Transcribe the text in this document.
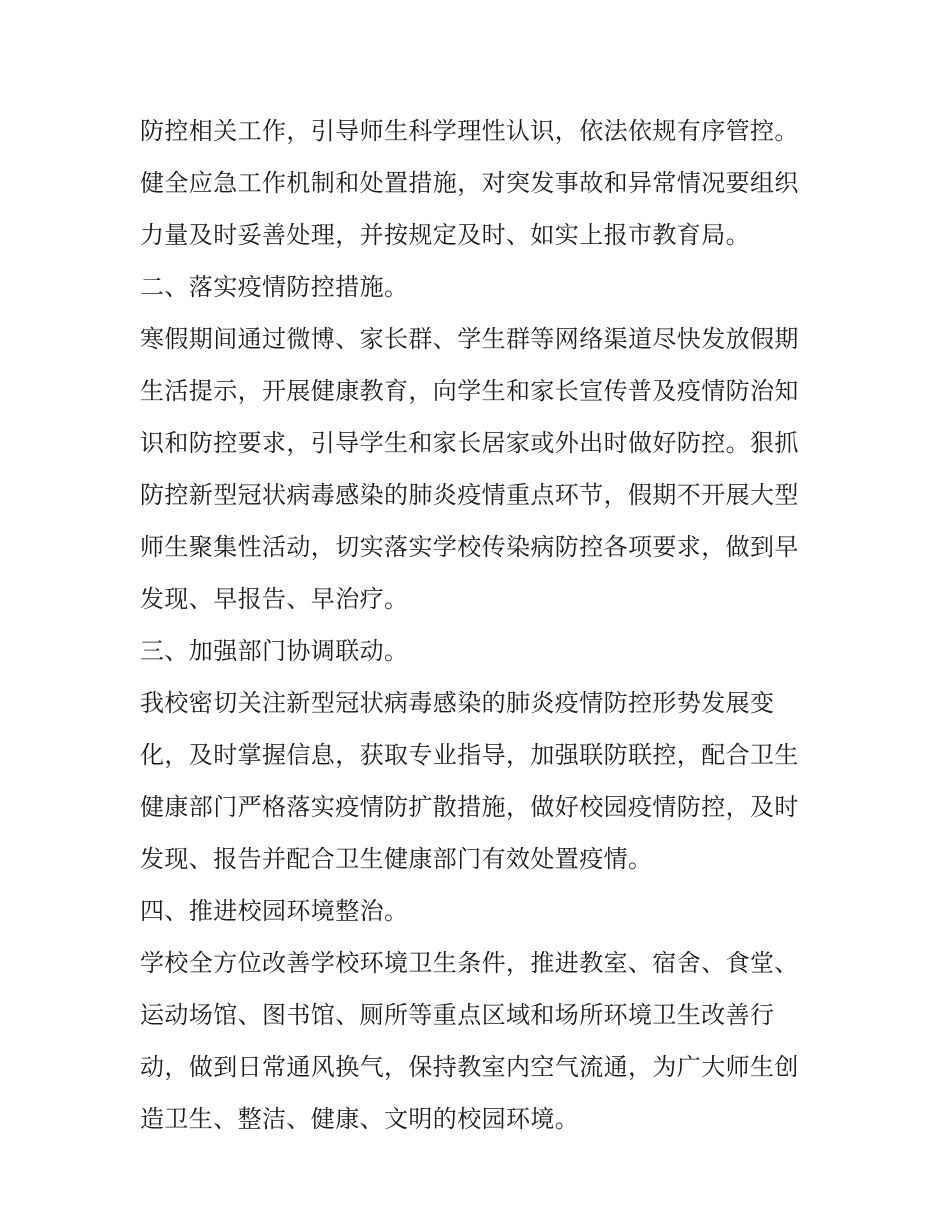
防控相关工作，引导师生科学理性认识，依法依规有序管控。
健全应急工作机制和处置措施，对突发事故和异常情况要组织
力量及时妥善处理，并按规定及时、如实上报市教育局。
二、落实疫情防控措施。
寒假期间通过微博、家长群、学生群等网络渠道尽快发放假期
生活提示，开展健康教育，向学生和家长宣传普及疫情防治知
识和防控要求，引导学生和家长居家或外出时做好防控。狠抓
防控新型冠状病毒感染的肺炎疫情重点环节，假期不开展大型
师生聚集性活动，切实落实学校传染病防控各项要求，做到早
发现、早报告、早治疗。
三、加强部门协调联动。
我校密切关注新型冠状病毒感染的肺炎疫情防控形势发展变
化，及时掌握信息，获取专业指导，加强联防联控，配合卫生
健康部门严格落实疫情防扩散措施，做好校园疫情防控，及时
发现、报告并配合卫生健康部门有效处置疫情。
四、推进校园环境整治。
学校全方位改善学校环境卫生条件，推进教室、宿舍、食堂、
运动场馆、图书馆、厕所等重点区域和场所环境卫生改善行
动，做到日常通风换气，保持教室内空气流通，为广大师生创
造卫生、整洁、健康、文明的校园环境。
